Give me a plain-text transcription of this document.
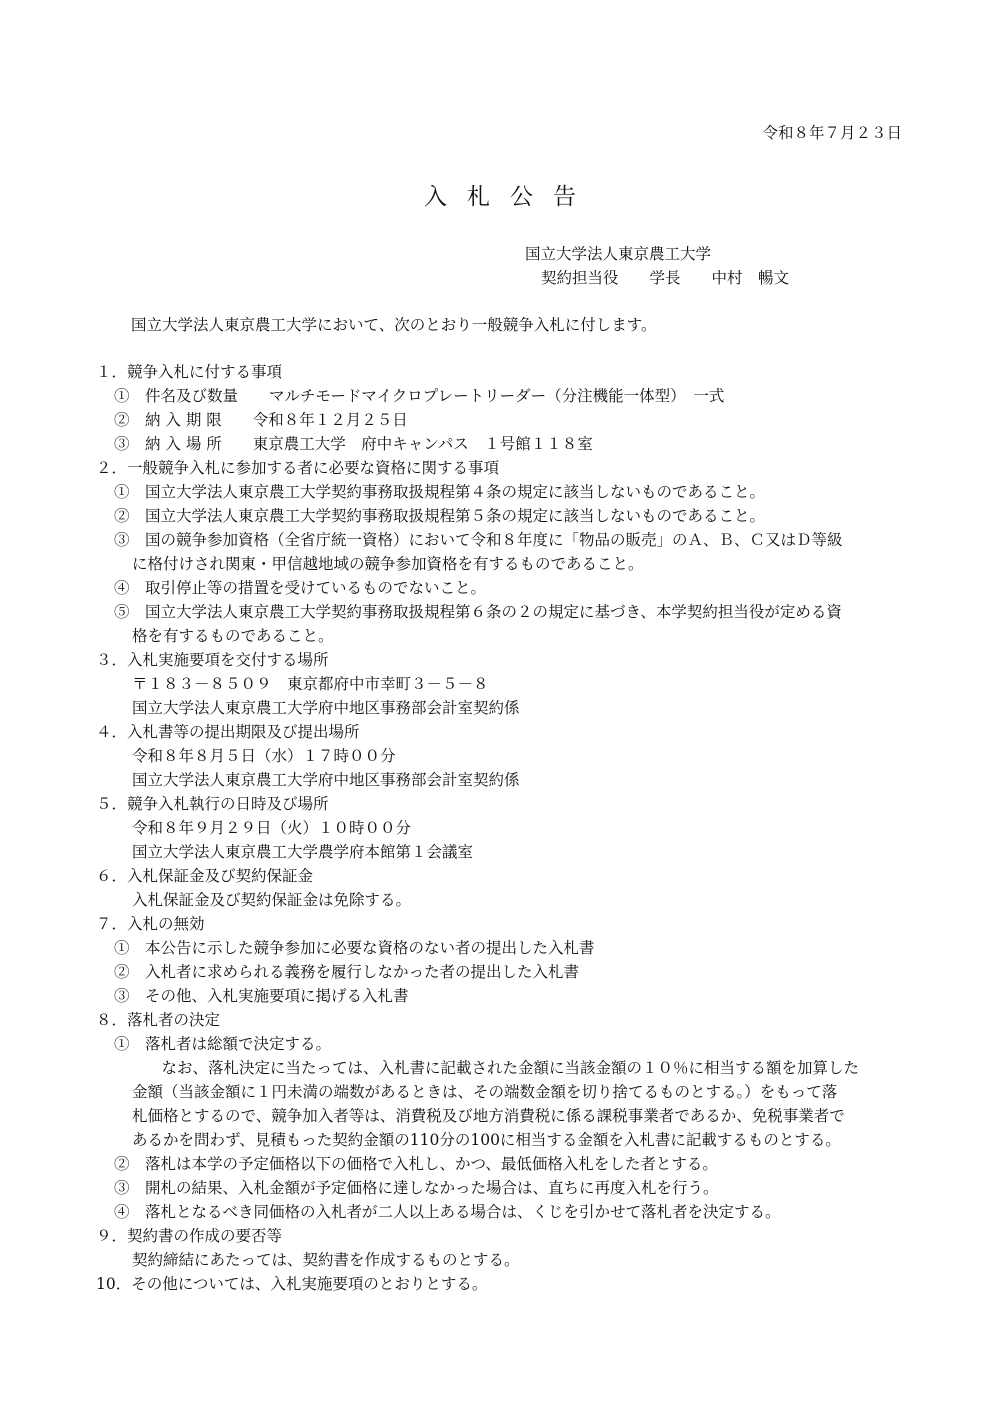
令和８年７月２３日
入札公告
国立大学法人東京農工大学
契約担当役　　学長　　中村　暢文
国立大学法人東京農工大学において、次のとおり一般競争入札に付します。
１．競争入札に付する事項
①　件名及び数量　　マルチモードマイクロプレートリーダー（分注機能一体型）　一式
②　納 入 期 限　　令和８年１２月２５日
③　納 入 場 所　　東京農工大学　府中キャンパス　１号館１１８室
２．一般競争入札に参加する者に必要な資格に関する事項
①　国立大学法人東京農工大学契約事務取扱規程第４条の規定に該当しないものであること。
②　国立大学法人東京農工大学契約事務取扱規程第５条の規定に該当しないものであること。
③　国の競争参加資格（全省庁統一資格）において令和８年度に「物品の販売」のＡ、Ｂ、Ｃ又はＤ等級
に格付けされ関東・甲信越地域の競争参加資格を有するものであること。
④　取引停止等の措置を受けているものでないこと。
⑤　国立大学法人東京農工大学契約事務取扱規程第６条の２の規定に基づき、本学契約担当役が定める資
格を有するものであること。
３．入札実施要項を交付する場所
〒１８３－８５０９　東京都府中市幸町３－５－８
国立大学法人東京農工大学府中地区事務部会計室契約係
４．入札書等の提出期限及び提出場所
令和８年８月５日（水）１７時００分
国立大学法人東京農工大学府中地区事務部会計室契約係
５．競争入札執行の日時及び場所
令和８年９月２９日（火）１０時００分
国立大学法人東京農工大学農学府本館第１会議室
６．入札保証金及び契約保証金
入札保証金及び契約保証金は免除する。
７．入札の無効
①　本公告に示した競争参加に必要な資格のない者の提出した入札書
②　入札者に求められる義務を履行しなかった者の提出した入札書
③　その他、入札実施要項に掲げる入札書
８．落札者の決定
①　落札者は総額で決定する。
　なお、落札決定に当たっては、入札書に記載された金額に当該金額の１０％に相当する額を加算した
金額（当該金額に１円未満の端数があるときは、その端数金額を切り捨てるものとする。）をもって落
札価格とするので、競争加入者等は、消費税及び地方消費税に係る課税事業者であるか、免税事業者で
あるかを問わず、見積もった契約金額の110分の100に相当する金額を入札書に記載するものとする。
②　落札は本学の予定価格以下の価格で入札し、かつ、最低価格入札をした者とする。
③　開札の結果、入札金額が予定価格に達しなかった場合は、直ちに再度入札を行う。
④　落札となるべき同価格の入札者が二人以上ある場合は、くじを引かせて落札者を決定する。
９．契約書の作成の要否等
契約締結にあたっては、契約書を作成するものとする。
10．その他については、入札実施要項のとおりとする。
